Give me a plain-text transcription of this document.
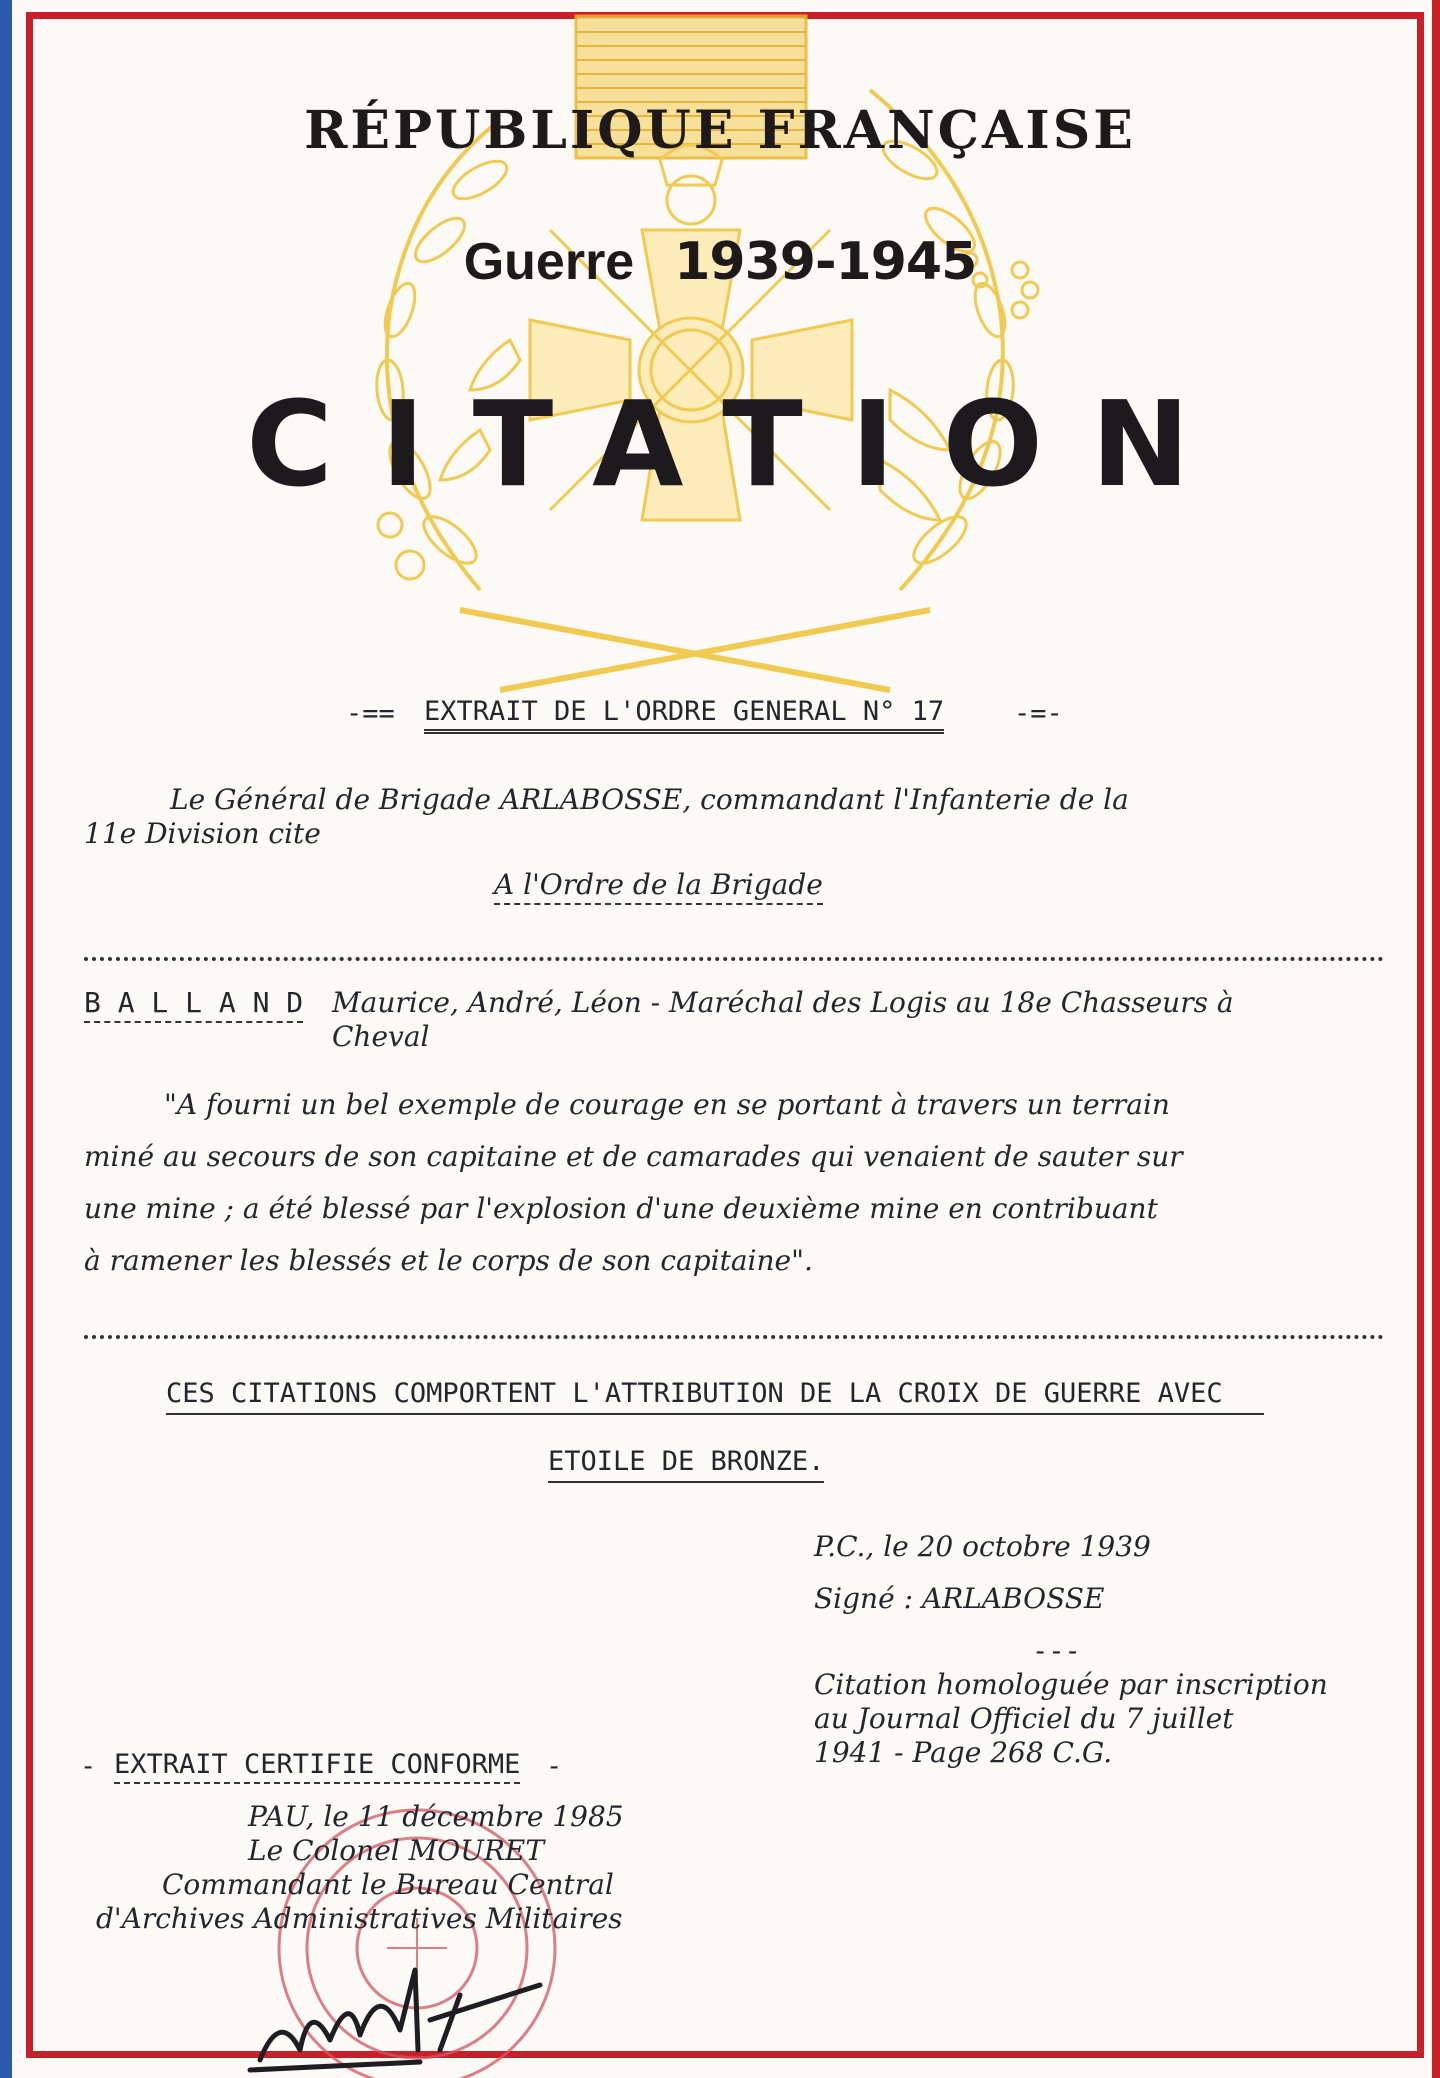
RÉPUBLIQUE FRANÇAISE
Guerre 1939-1945
CITATION
-== EXTRAIT DE L'ORDRE GENERAL N° 17	-=-
Le Général de Brigade ARLABOSSE, commandant l'Infanterie de la
11e Division cite
A l'Ordre de la Brigade
B A L L A N D Maurice, André, Léon - Maréchal des Logis au 18e Chasseurs à
Cheval
"A fourni un bel exemple de courage en se portant à travers un terrain
miné au secours de son capitaine et de camarades qui venaient de sauter sur
une mine ; a été blessé par l'explosion d'une deuxième mine en contribuant
à ramener les blessés et le corps de son capitaine".
CES CITATIONS COMPORTENT L'ATTRIBUTION DE LA CROIX DE GUERRE AVEC
ETOILE DE BRONZE.
P.C., le 20 octobre 1939
Signé : ARLABOSSE
---
Citation homologuée par inscription
au Journal Officiel du 7 juillet
1941 - Page 268 C.G.
- EXTRAIT CERTIFIE CONFORME -
PAU, le 11 décembre 1985
Le Colonel MOURET
Commandant le Bureau Central
d'Archives Administratives Militaires
